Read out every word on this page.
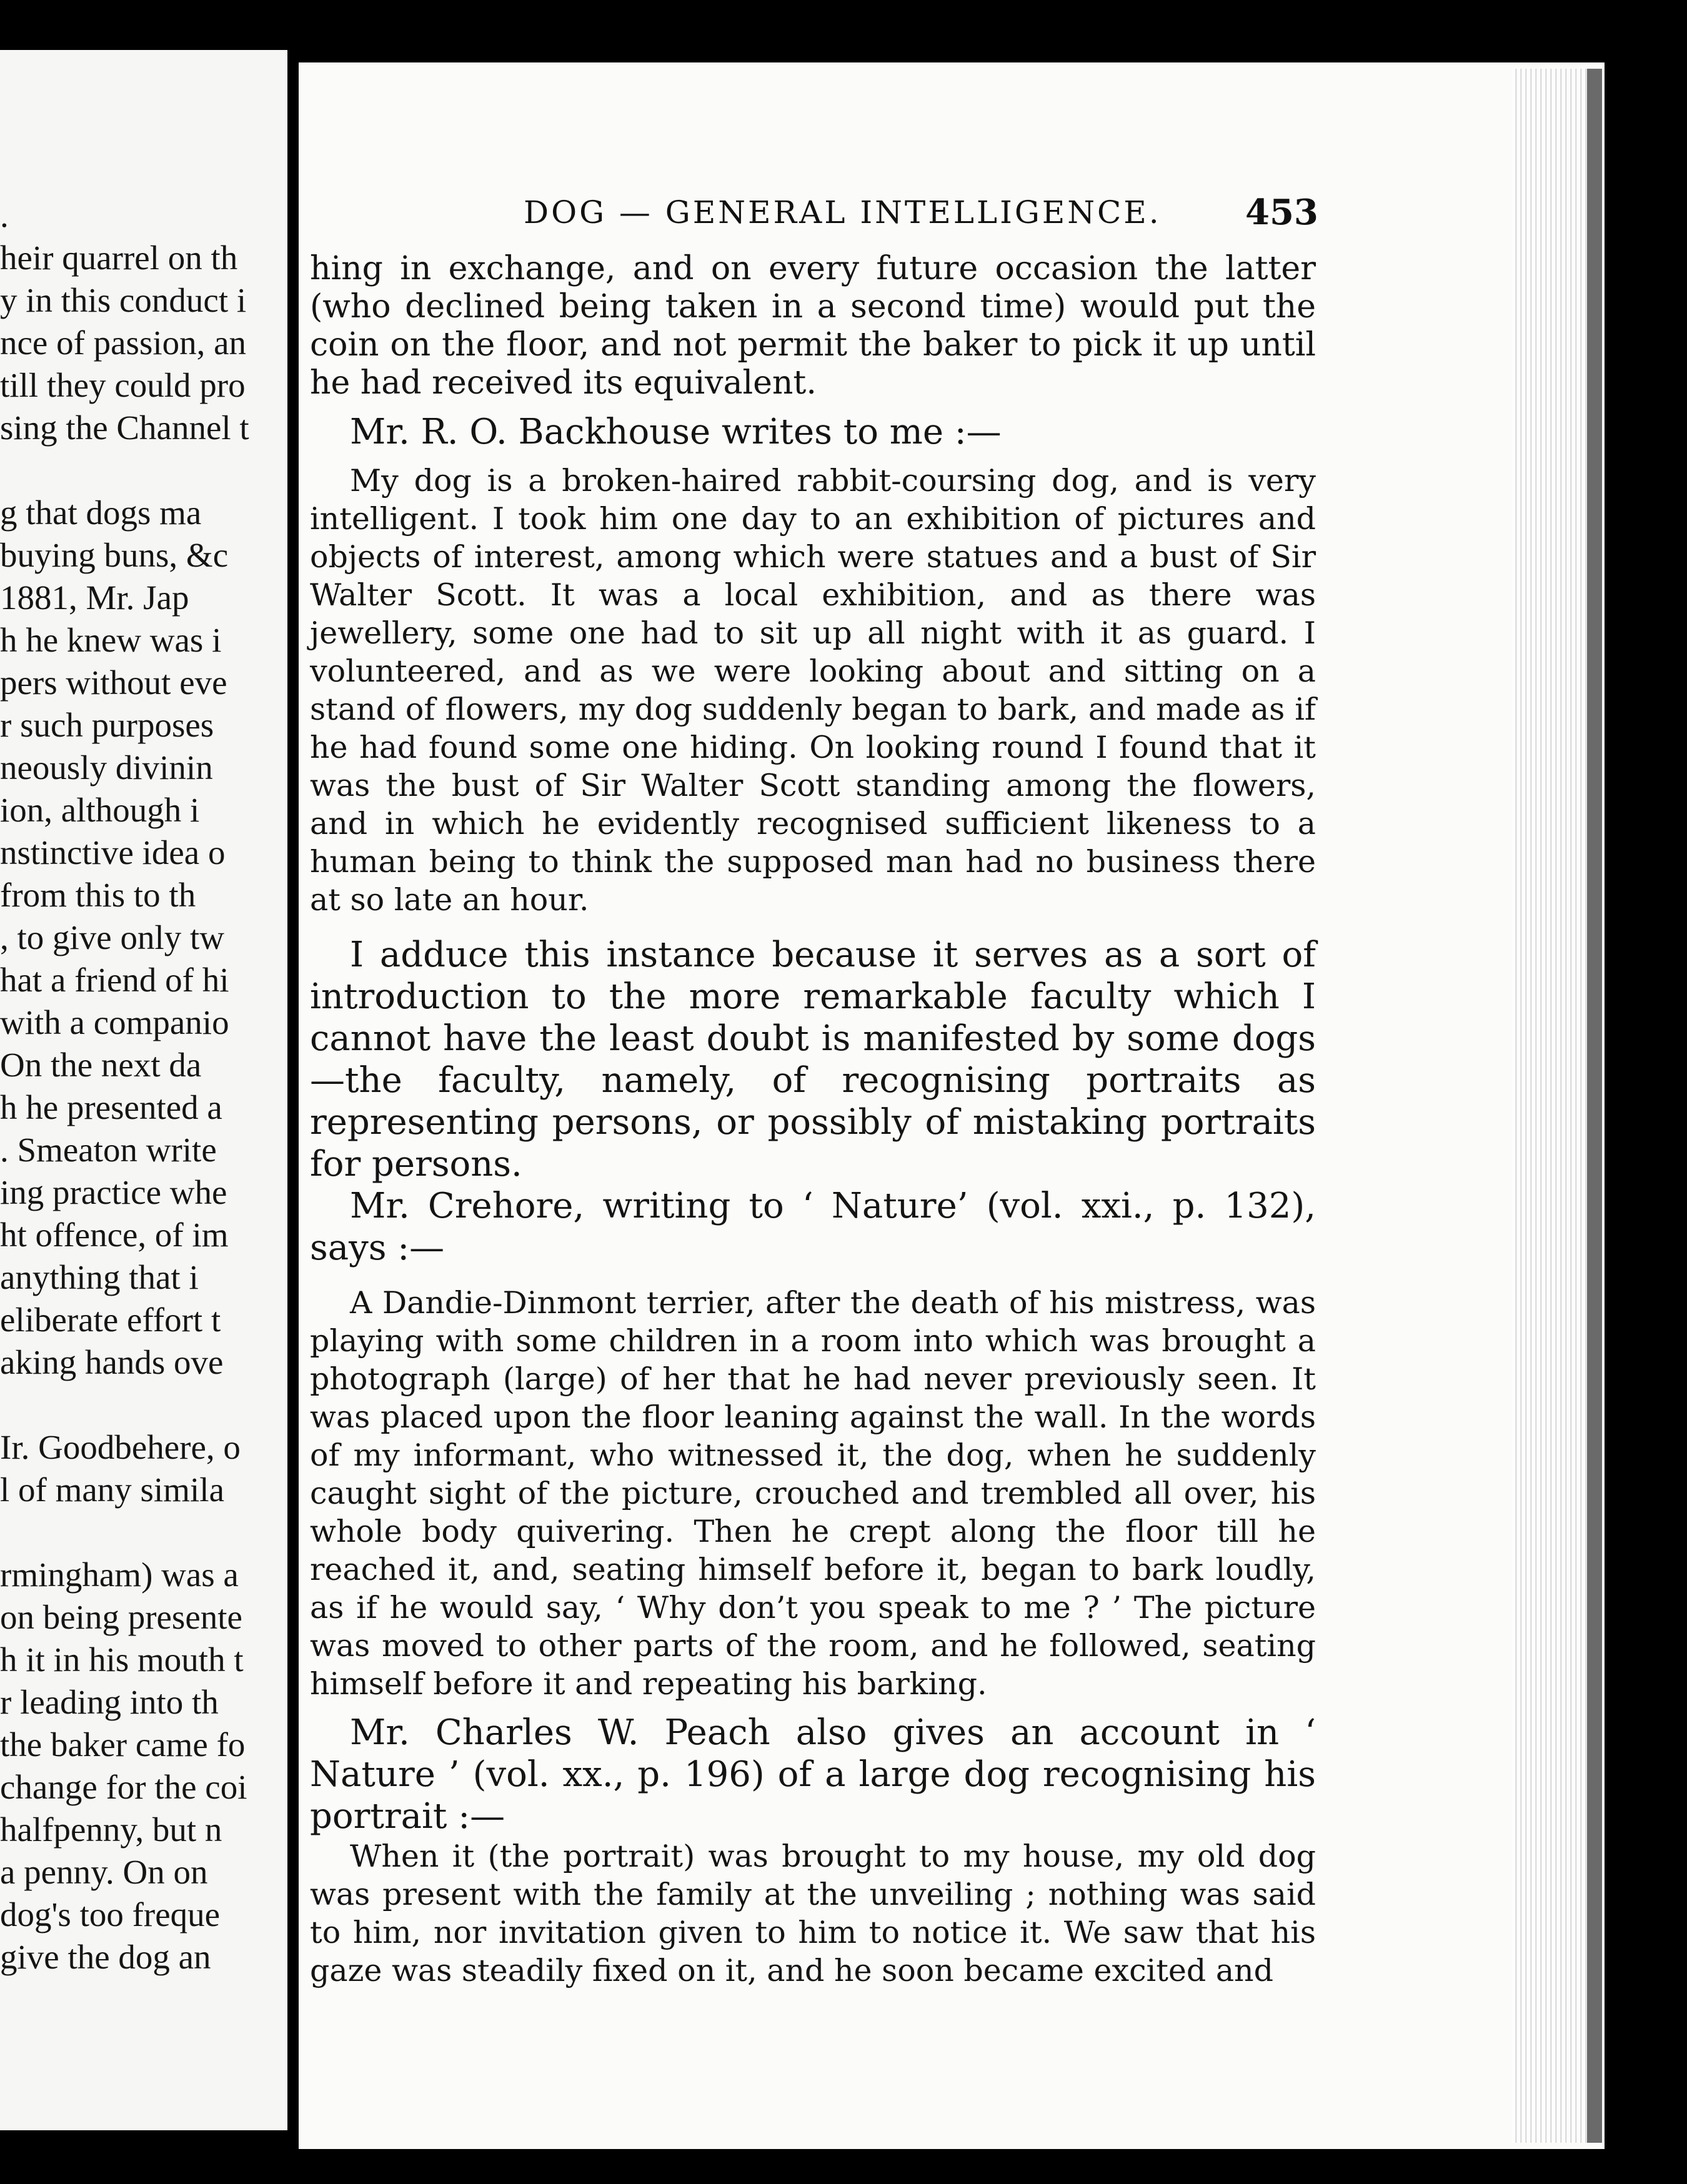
.
heir quarrel on th
y in this conduct i
nce of passion, an
till they could pro
sing the Channel t
g that dogs ma
buying buns, &c
1881, Mr. Jap
h he knew was i
pers without eve
r such purposes
neously divinin
ion, although i
nstinctive idea o
from this to th
, to give only tw
hat a friend of hi
with a companio
On the next da
h he presented a
. Smeaton write
ing practice whe
ht offence, of im
anything that i
eliberate effort t
aking hands ove
Ir. Goodbehere, o
l of many simila
rmingham) was a
on being presente
h it in his mouth t
r leading into th
the baker came fo
change for the coi
halfpenny, but n
a penny. On on
dog's too freque
give the dog an
DOG — GENERAL INTELLIGENCE. 453

hing in exchange, and on every future occasion the latter (who declined being taken in a second time) would put the coin on the floor, and not permit the baker to pick it up until he had received its equivalent.

Mr. R. O. Backhouse writes to me :—

My dog is a broken-haired rabbit-coursing dog, and is very intelligent. I took him one day to an exhibition of pictures and objects of interest, among which were statues and a bust of Sir Walter Scott. It was a local exhibition, and as there was jewellery, some one had to sit up all night with it as guard. I volunteered, and as we were looking about and sitting on a stand of flowers, my dog suddenly began to bark, and made as if he had found some one hiding. On looking round I found that it was the bust of Sir Walter Scott standing among the flowers, and in which he evidently recognised sufficient likeness to a human being to think the supposed man had no business there at so late an hour.

I adduce this instance because it serves as a sort of introduction to the more remarkable faculty which I cannot have the least doubt is manifested by some dogs—the faculty, namely, of recognising portraits as representing persons, or possibly of mistaking portraits for persons.

Mr. Crehore, writing to ‘ Nature’ (vol. xxi., p. 132), says :—

A Dandie-Dinmont terrier, after the death of his mistress, was playing with some children in a room into which was brought a photograph (large) of her that he had never previously seen. It was placed upon the floor leaning against the wall. In the words of my informant, who witnessed it, the dog, when he suddenly caught sight of the picture, crouched and trembled all over, his whole body quivering. Then he crept along the floor till he reached it, and, seating himself before it, began to bark loudly, as if he would say, ‘ Why don’t you speak to me ? ’ The picture was moved to other parts of the room, and he followed, seating himself before it and repeating his barking.

Mr. Charles W. Peach also gives an account in ‘ Nature ’ (vol. xx., p. 196) of a large dog recognising his portrait :—

When it (the portrait) was brought to my house, my old dog was present with the family at the unveiling ; nothing was said to him, nor invitation given to him to notice it. We saw that his gaze was steadily fixed on it, and he soon became excited and
